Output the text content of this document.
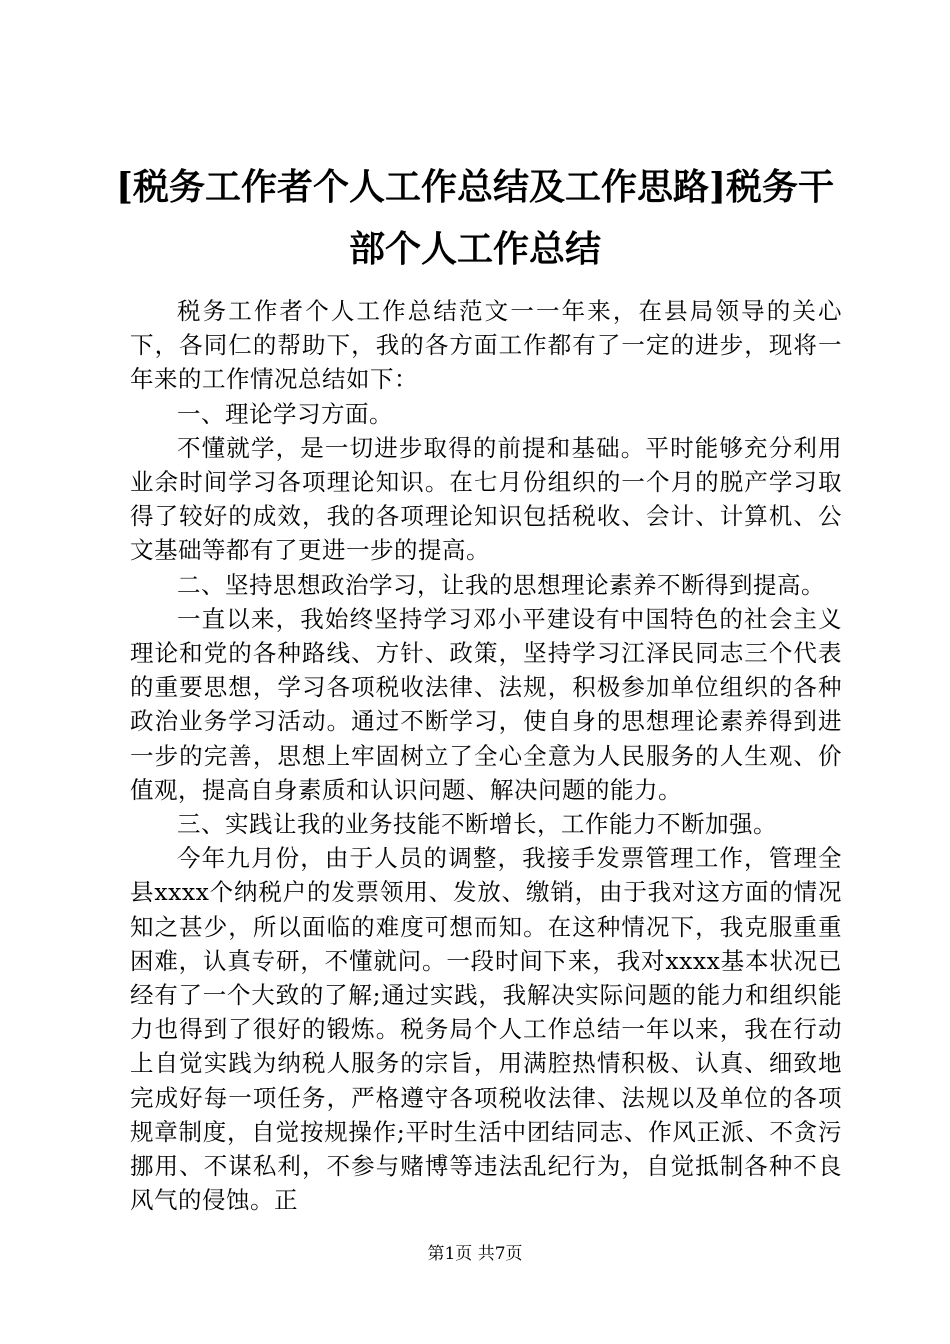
[税务工作者个人工作总结及工作思路]税务干部个人工作总结

税务工作者个人工作总结范文一一年来，在县局领导的关心下，各同仁的帮助下，我的各方面工作都有了一定的进步，现将一年来的工作情况总结如下：

一、理论学习方面。

不懂就学，是一切进步取得的前提和基础。平时能够充分利用业余时间学习各项理论知识。在七月份组织的一个月的脱产学习取得了较好的成效，我的各项理论知识包括税收、会计、计算机、公文基础等都有了更进一步的提高。

二、坚持思想政治学习，让我的思想理论素养不断得到提高。

一直以来，我始终坚持学习邓小平建设有中国特色的社会主义理论和党的各种路线、方针、政策，坚持学习江泽民同志三个代表的重要思想，学习各项税收法律、法规，积极参加单位组织的各种政治业务学习活动。通过不断学习，使自身的思想理论素养得到进一步的完善，思想上牢固树立了全心全意为人民服务的人生观、价值观，提高自身素质和认识问题、解决问题的能力。

三、实践让我的业务技能不断增长，工作能力不断加强。

今年九月份，由于人员的调整，我接手发票管理工作，管理全县xxxx个纳税户的发票领用、发放、缴销，由于我对这方面的情况知之甚少，所以面临的难度可想而知。在这种情况下，我克服重重困难，认真专研，不懂就问。一段时间下来，我对xxxx基本状况已经有了一个大致的了解;通过实践，我解决实际问题的能力和组织能力也得到了很好的锻炼。税务局个人工作总结一年以来，我在行动上自觉实践为纳税人服务的宗旨，用满腔热情积极、认真、细致地完成好每一项任务，严格遵守各项税收法律、法规以及单位的各项规章制度，自觉按规操作;平时生活中团结同志、作风正派、不贪污挪用、不谋私利，不参与赌博等违法乱纪行为，自觉抵制各种不良风气的侵蚀。正

第1页 共7页
